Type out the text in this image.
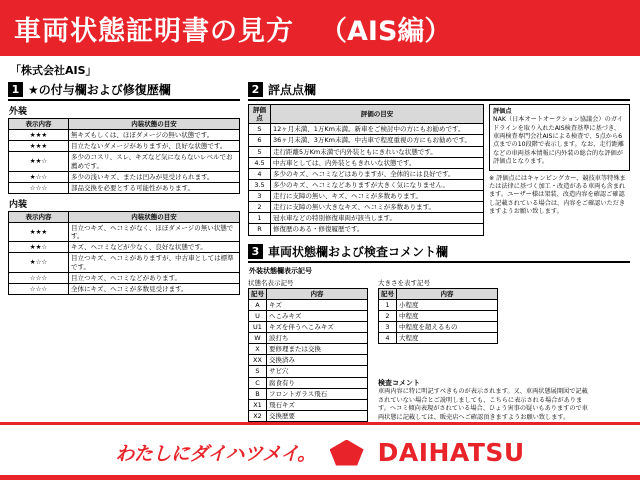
車両状態証明書の見方 （AIS編）
「株式会社AIS」
1 ★の付与欄および修復歴欄
外装
表示内容	内装状態の目安
★★★	無キズもしくは、ほぼダメージの無い状態です。
★★★	目立たないダメージがありますが、良好な状態です。
★★☆	多少のコスリ、スレ、キズなど気にならないレベルでお薦めです。
★☆☆	多少の浅いキズ、または凹みが見受けられます。
☆☆☆	部品交換を必要とする可能性があります。
内装
表示内容	内装状態の目安
★★★	目立つキズ、ヘコミがなく、ほぼダメージの無い状態です。
★★☆	キズ、ヘコミなどが少なく、良好な状態です。
★☆☆	目立つキズ、ヘコミがありますが、中古車としては標準です。
☆☆☆	目立つキズ、ヘコミなどがあります。
☆☆☆	全体にキズ、ヘコミが多数見受けます。
2 評点点欄
評価点	評価の目安
S	12ヶ月未満、1万Km未満。新車をご検討中の方にもお勧めです。
6	36ヶ月未満、3万Km未満。中古車で程度重視の方にもお勧めです。
5	走行距離5万Km未満で内外装ともにきれいな状態です。
4.5	中古車としては、内外装ともきれいな状態です。
4	多少のキズ、ヘコミなどはありますが、全体的には良好です。
3.5	多少のキズ、ヘコミなどありますが大きく気になりません。
3	走行に支障の無い、キズ、ヘコミが多数あります。
2	走行に支障の無い大きなキズ、ヘコミが多数あります。
1	冠水車などの特別修復車両が該当します。
R	修復歴のある・修復履歴です。
評価点
NAK（日本オートオークション協議会）のガイドラインを取り入れたAIS検査基準に基づき、車両検査専門会社AISによる検査で、5点から6点までの10段階で表示します。なお、走行距離などの車両基本情報に内外装の総合的な評価が評価点となります。
※ 評価点にはキャンピングカー、競技車等特殊または法律に基づく加工・改造がある車両も含まれます。ユーザー様は架装、改造内容を確認ご確認し記載されている場合は、内容をご確認いただきますようお願い致します。
3 車両状態欄および検査コメント欄
外装状態欄表示記号
状態名表示記号
記号	内容
A	キズ
U	へこみキズ
U1	キズを伴うへこみキズ
W	波打ち
X	要修理または交換
XX	交換済み
S	サビ穴
C	腐食有り
B	フロントガラス飛石
X1	飛石キズ
X2	交換歴要
大きさを表す記号
記号	内容
1	小程度
2	中程度
3	中程度を超えるもの
4	大程度
検査コメント
車両内容に特に明記すべきものが表示されます。又、車両状態展開図で記載されていない場合とご説明しましても、こちらに表示される場合があります。ヘコミ傾向表現がされている場合、ひょう害事の疑いもありますので車両状態に記載しては、販売店へご確認頂きますようお願い致します。
わたしにダイハツメイ。 DAIHATSU
